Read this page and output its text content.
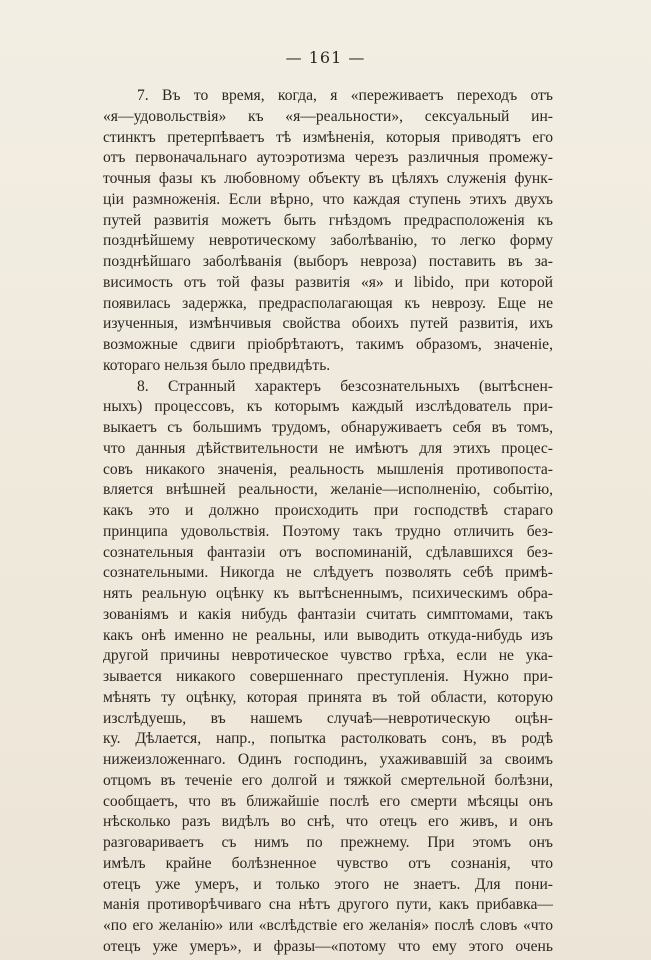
— 161 —
7. Въ то время, когда, я «переживаетъ переходъ отъ
«я—удовольствія» къ «я—реальности», сексуальный ин-
стинктъ претерпѣваетъ тѣ измѣненія, которыя приводятъ его
отъ первоначальнаго аутоэротизма черезъ различныя промежу-
точныя фазы къ любовному объекту въ цѣляхъ служенія функ-
ціи размноженія. Если вѣрно, что каждая ступень этихъ двухъ
путей развитія можетъ быть гнѣздомъ предрасположенія къ
позднѣйшему невротическому заболѣванію, то легко форму
позднѣйшаго заболѣванія (выборъ невроза) поставить въ за-
висимость отъ той фазы развитія «я» и libido, при которой
появилась задержка, предрасполагающая къ неврозу. Еще не
изученныя, измѣнчивыя свойства обоихъ путей развитія, ихъ
возможные сдвиги пріобрѣтаютъ, такимъ образомъ, значеніе,
котораго нельзя было предвидѣть.
8. Странный характеръ безсознательныхъ (вытѣснен-
ныхъ) процессовъ, къ которымъ каждый изслѣдователь при-
выкаетъ съ большимъ трудомъ, обнаруживаетъ себя въ томъ,
что данныя дѣйствительности не имѣютъ для этихъ процес-
совъ никакого значенія, реальность мышленія противопоста-
вляется внѣшней реальности, желаніе—исполненію, событію,
какъ это и должно происходить при господствѣ стараго
принципа удовольствія. Поэтому такъ трудно отличить без-
сознательныя фантазіи отъ воспоминаній, сдѣлавшихся без-
сознательными. Никогда не слѣдуетъ позволять себѣ примѣ-
нять реальную оцѣнку къ вытѣсненнымъ, психическимъ обра-
зованіямъ и какія нибудь фантазіи считать симптомами, такъ
какъ онѣ именно не реальны, или выводить откуда-нибудь изъ
другой причины невротическое чувство грѣха, если не ука-
зывается никакого совершеннаго преступленія. Нужно при-
мѣнять ту оцѣнку, которая принята въ той области, которую
изслѣдуешь, въ нашемъ случаѣ—невротическую оцѣн-
ку. Дѣлается, напр., попытка растолковать сонъ, въ родѣ
нижеизложеннаго. Одинъ господинъ, ухаживавшій за своимъ
отцомъ въ теченіе его долгой и тяжкой смертельной болѣзни,
сообщаетъ, что въ ближайшіе послѣ его смерти мѣсяцы онъ
нѣсколько разъ видѣлъ во снѣ, что отецъ его живъ, и онъ
разговариваетъ съ нимъ по прежнему. При этомъ онъ
имѣлъ крайне болѣзненное чувство отъ сознанія, что
отецъ уже умеръ, и только этого не знаетъ. Для пони-
манія противорѣчиваго сна нѣтъ другого пути, какъ прибавка—
«по его желанію» или «вслѣдствіе его желанія» послѣ словъ «что
отецъ уже умеръ», и фразы—«потому что ему этого очень
